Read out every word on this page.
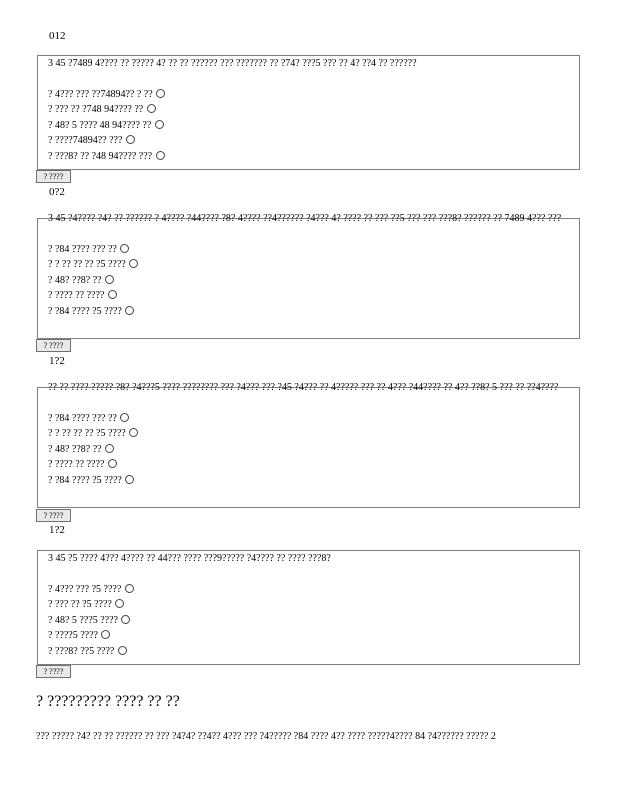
012
3 45 ?7489 4???? ?? ????? 4? ?? ?? ?????? ??? ??????? ?? ?74? ???5 ??? ?? 4? ??4 ?? ??????
? 4??? ??? ??74894?? ? ??
? ??? ?? ?748 94???? ??
? 48? 5 ???? 48 94???? ??
? ????74894?? ???
? ???8? ?? ?48 94???? ???
? ????
0?2
3 45 ?4???? ?4? ?? ?????? ? 4???? ?44???? ?8? 4???? ??4?????? ?4??? 4? ???? ?? ??? ??5 ??? ??? ???8? ?????? ?? 7489 4??? ???
? ?84 ???? ??? ??
? ? ?? ?? ?? ?5 ????
? 48? ??8? ??
? ???? ?? ????
? ?84 ???? ?5 ????
? ????
1?2
?? ?? ???? ????? ?8? ?4???5 ???? ???????? ??? ?4??? ??? ?45 ?4??? ?? 4????? ??? ?? 4??? ?44???? ?? 4?? ??8? 5 ??? ?? ??4????
? ?84 ???? ??? ??
? ? ?? ?? ?? ?5 ????
? 48? ??8? ??
? ???? ?? ????
? ?84 ???? ?5 ????
? ????
1?2
3 45 ?5 ???? 4??? 4???? ?? 44??? ???? ???9????? ?4???? ?? ???? ???8?
? 4??? ??? ?5 ????
? ??? ?? ?5 ????
? 48? 5 ???5 ????
? ????5 ????
? ???8? ??5 ????
? ????
? ????????? ???? ?? ??
??? ????? ?4? ?? ?? ?????? ?? ??? ?4?4? ??4?? 4??? ??? ?4????? ?84 ???? 4?? ???? ?????4???? 84 ?4?????? ????? 2
